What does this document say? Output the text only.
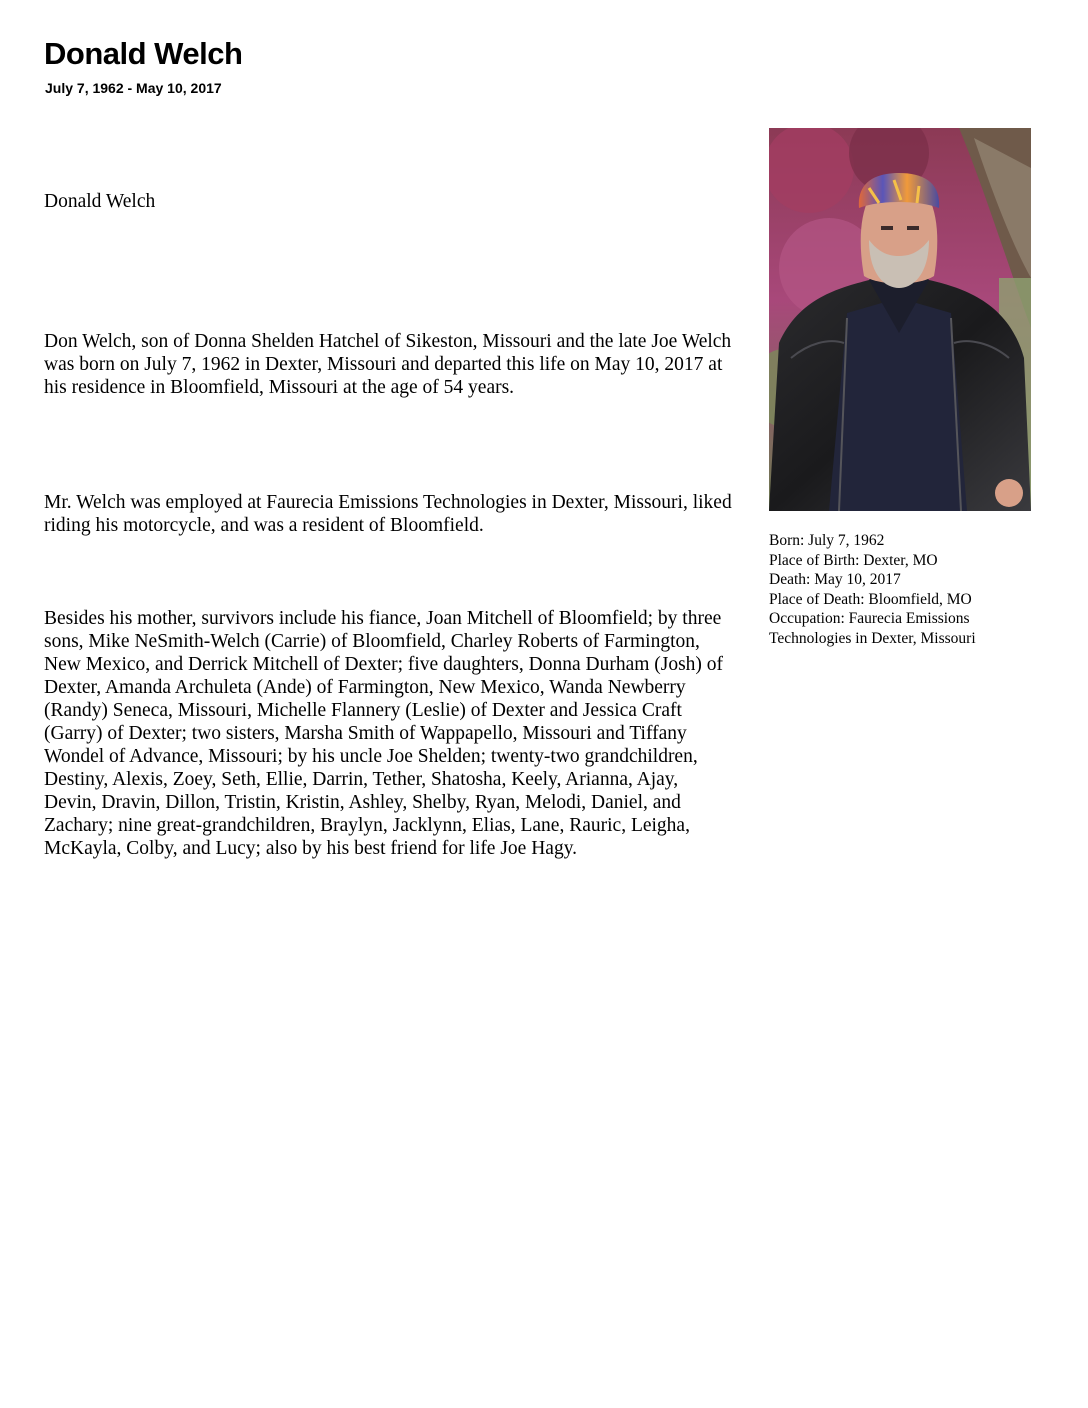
Donald Welch

July 7, 1962 - May 10, 2017

Donald Welch

Don Welch, son of Donna Shelden Hatchel of Sikeston, Missouri and the late Joe Welch was born on July 7, 1962 in Dexter, Missouri and departed this life on May 10, 2017 at his residence in Bloomfield, Missouri at the age of 54 years.

Mr. Welch was employed at Faurecia Emissions Technologies in Dexter, Missouri, liked riding his motorcycle, and was a resident of Bloomfield.

Besides his mother, survivors include his fiance, Joan Mitchell of Bloomfield; by three sons, Mike NeSmith-Welch (Carrie) of Bloomfield, Charley Roberts of Farmington, New Mexico, and Derrick Mitchell of Dexter; five daughters, Donna Durham (Josh) of Dexter, Amanda Archuleta (Ande) of Farmington, New Mexico, Wanda Newberry (Randy) Seneca, Missouri, Michelle Flannery (Leslie) of Dexter and Jessica Craft (Garry) of Dexter; two sisters, Marsha Smith of Wappapello, Missouri and Tiffany Wondel of Advance, Missouri; by his uncle Joe Shelden; twenty-two grandchildren, Destiny, Alexis, Zoey, Seth, Ellie, Darrin, Tether, Shatosha, Keely, Arianna, Ajay, Devin, Dravin, Dillon, Tristin, Kristin, Ashley, Shelby, Ryan, Melodi, Daniel, and Zachary; nine great-grandchildren, Braylyn, Jacklynn, Elias, Lane, Rauric, Leigha, McKayla, Colby, and Lucy; also by his best friend for life Joe Hagy.

Born: July 7, 1962
Place of Birth: Dexter, MO
Death: May 10, 2017
Place of Death: Bloomfield, MO
Occupation: Faurecia Emissions Technologies in Dexter, Missouri
